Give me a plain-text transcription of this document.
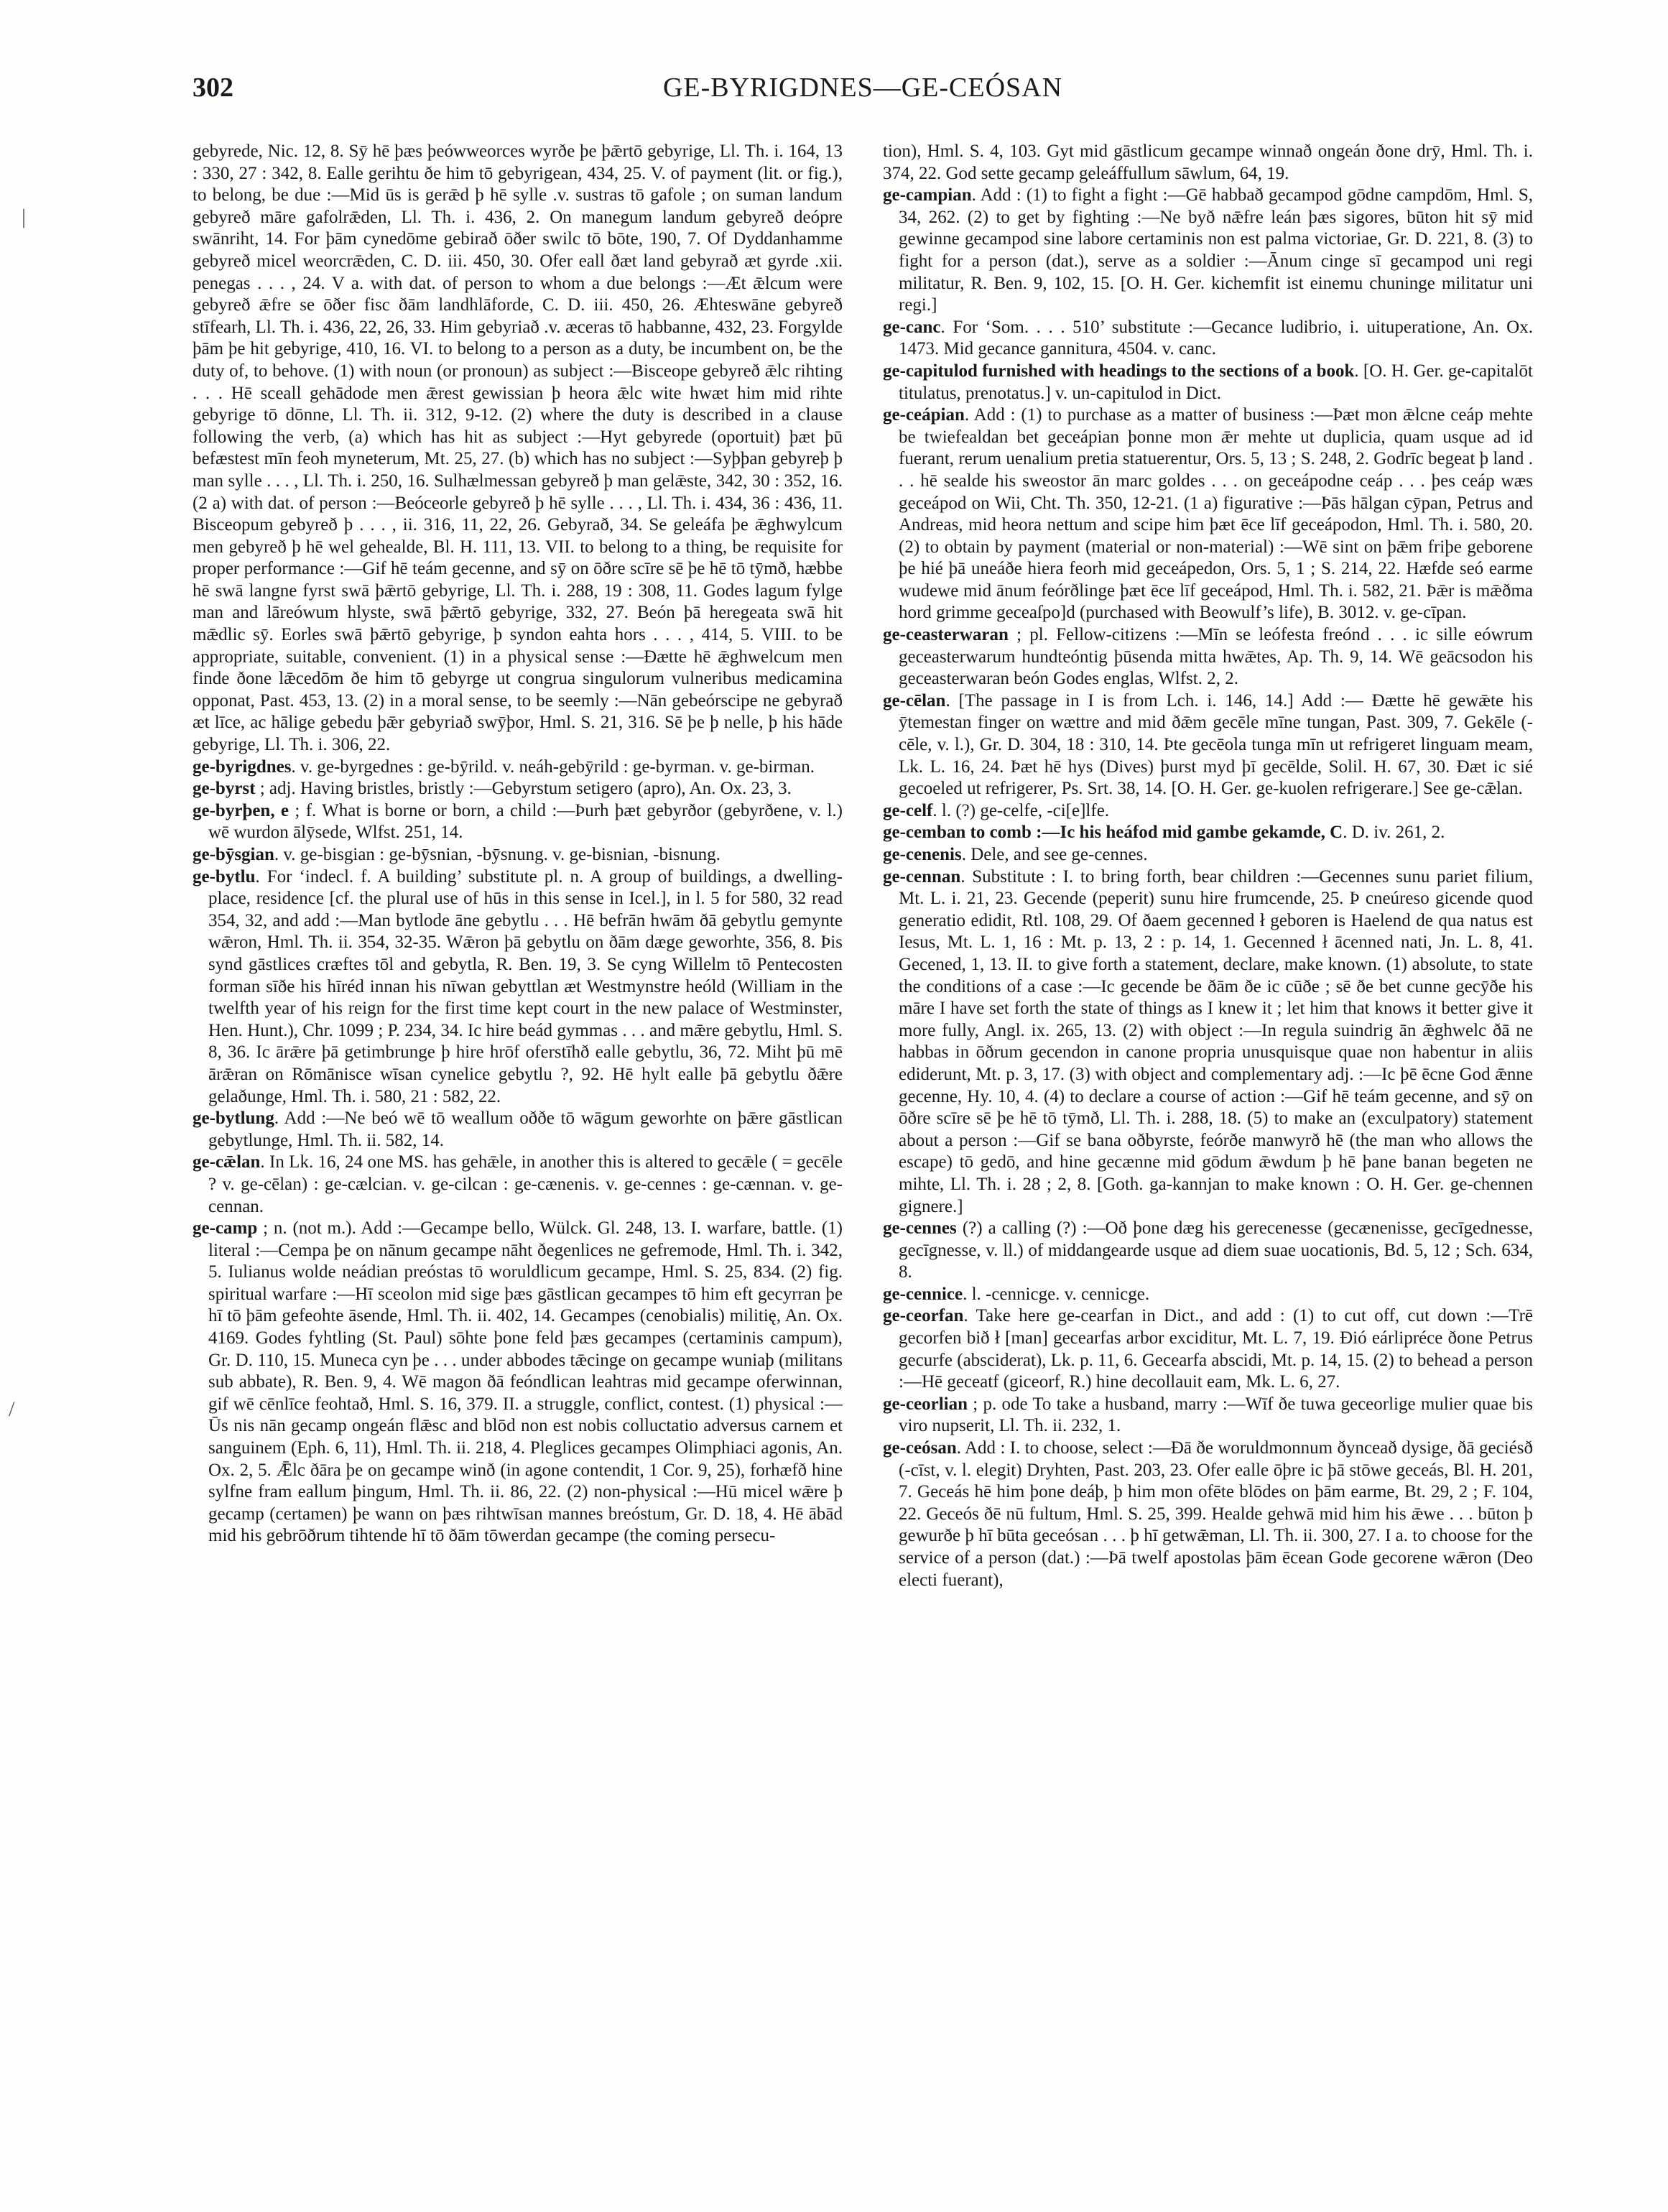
302	GE-BYRIGDNES—GE-CEÓSAN
|
/

gebyrede, Nic. 12, 8. Sȳ hē þæs þeówweorces wyrðe þe þǣrtō gebyrige, Ll. Th. i. 164, 13 : 330, 27 : 342, 8. Ealle gerihtu ðe him tō gebyrigean, 434, 25. V. of payment (lit. or fig.), to belong, be due :—Mid ūs is gerǣd þ hē sylle .v. sustras tō gafole ; on suman landum gebyreð māre gafolrǣden, Ll. Th. i. 436, 2. On manegum landum gebyreð deópre swānriht, 14. For þām cynedōme gebirað ōðer swilc tō bōte, 190, 7. Of Dyddanhamme gebyreð micel weorcrǣden, C. D. iii. 450, 30. Ofer eall ðæt land gebyrað æt gyrde .xii. penegas . . . , 24. V a. with dat. of person to whom a due belongs :—Æt ǣlcum were gebyreð ǣfre se ōðer fisc ðām landhlāforde, C. D. iii. 450, 26. Æhteswāne gebyreð stīfearh, Ll. Th. i. 436, 22, 26, 33. Him gebyriað .v. æceras tō habbanne, 432, 23. Forgylde þām þe hit gebyrige, 410, 16. VI. to belong to a person as a duty, be incumbent on, be the duty of, to behove. (1) with noun (or pronoun) as subject :—Bisceope gebyreð ǣlc rihting . . . Hē sceall gehādode men ǣrest gewissian þ heora ǣlc wite hwæt him mid rihte gebyrige tō dōnne, Ll. Th. ii. 312, 9-12. (2) where the duty is described in a clause following the verb, (a) which has hit as subject :—Hyt gebyrede (oportuit) þæt þū befæstest mīn feoh myneterum, Mt. 25, 27. (b) which has no subject :—Syþþan gebyreþ þ man sylle . . . , Ll. Th. i. 250, 16. Sulhælmessan gebyreð þ man gelǣste, 342, 30 : 352, 16. (2 a) with dat. of person :—Beóceorle gebyreð þ hē sylle . . . , Ll. Th. i. 434, 36 : 436, 11. Bisceopum gebyreð þ . . . , ii. 316, 11, 22, 26. Gebyrað, 34. Se geleáfa þe ǣghwylcum men gebyreð þ hē wel gehealde, Bl. H. 111, 13. VII. to belong to a thing, be requisite for proper performance :—Gif hē teám gecenne, and sȳ on ōðre scīre sē þe hē tō tȳmð, hæbbe hē swā langne fyrst swā þǣrtō gebyrige, Ll. Th. i. 288, 19 : 308, 11. Godes lagum fylge man and lāreówum hlyste, swā þǣrtō gebyrige, 332, 27. Beón þā heregeata swā hit mǣdlic sȳ. Eorles swā þǣrtō gebyrige, þ syndon eahta hors . . . , 414, 5. VIII. to be appropriate, suitable, convenient. (1) in a physical sense :—Ðætte hē ǣghwelcum men finde ðone lǣcedōm ðe him tō gebyrge ut congrua singulorum vulneribus medicamina opponat, Past. 453, 13. (2) in a moral sense, to be seemly :—Nān gebeórscipe ne gebyrað æt līce, ac hālige gebedu þǣr gebyriað swȳþor, Hml. S. 21, 316. Sē þe þ nelle, þ his hāde gebyrige, Ll. Th. i. 306, 22.

ge-byrigdnes. v. ge-byrgednes : ge-bȳrild. v. neáh-gebȳrild : ge-byrman. v. ge-birman.

ge-byrst ; adj. Having bristles, bristly :—Gebyrstum setigero (apro), An. Ox. 23, 3.

ge-byrþen, e ; f. What is borne or born, a child :—Þurh þæt gebyrðor (gebyrðene, v. l.) wē wurdon ālȳsede, Wlfst. 251, 14.

ge-bȳsgian. v. ge-bisgian : ge-bȳsnian, -bȳsnung. v. ge-bisnian, -bisnung.

ge-bytlu. For ‘indecl. f. A building’ substitute pl. n. A group of buildings, a dwelling-place, residence [cf. the plural use of hūs in this sense in Icel.], in l. 5 for 580, 32 read 354, 32, and add :—Man bytlode āne gebytlu . . . Hē befrān hwām ðā gebytlu gemynte wǣron, Hml. Th. ii. 354, 32-35. Wǣron þā gebytlu on ðām dæge geworhte, 356, 8. Þis synd gāstlices cræftes tōl and gebytla, R. Ben. 19, 3. Se cyng Willelm tō Pentecosten forman sīðe his hīréd innan his nīwan gebyttlan æt Westmynstre heóld (William in the twelfth year of his reign for the first time kept court in the new palace of Westminster, Hen. Hunt.), Chr. 1099 ; P. 234, 34. Ic hire beád gymmas . . . and mǣre gebytlu, Hml. S. 8, 36. Ic ārǣre þā getimbrunge þ hire hrōf oferstīhð ealle gebytlu, 36, 72. Miht þū mē ārǣran on Rōmānisce wīsan cynelice gebytlu ?, 92. Hē hylt ealle þā gebytlu ðǣre gelaðunge, Hml. Th. i. 580, 21 : 582, 22.

ge-bytlung. Add :—Ne beó wē tō weallum oððe tō wāgum geworhte on þǣre gāstlican gebytlunge, Hml. Th. ii. 582, 14.

ge-cǣlan. In Lk. 16, 24 one MS. has gehǣle, in another this is altered to gecǣle ( = gecēle ? v. ge-cēlan) : ge-cælcian. v. ge-cilcan : ge-cænenis. v. ge-cennes : ge-cænnan. v. ge-cennan.

ge-camp ; n. (not m.). Add :—Gecampe bello, Wülck. Gl. 248, 13. I. warfare, battle. (1) literal :—Cempa þe on nānum gecampe nāht ðegenlices ne gefremode, Hml. Th. i. 342, 5. Iulianus wolde neádian preóstas tō woruldlicum gecampe, Hml. S. 25, 834. (2) fig. spiritual warfare :—Hī sceolon mid sige þæs gāstlican gecampes tō him eft gecyrran þe hī tō þām gefeohte āsende, Hml. Th. ii. 402, 14. Gecampes (cenobialis) militię, An. Ox. 4169. Godes fyhtling (St. Paul) sōhte þone feld þæs gecampes (certaminis campum), Gr. D. 110, 15. Muneca cyn þe . . . under abbodes tǣcinge on gecampe wuniaþ (militans sub abbate), R. Ben. 9, 4. Wē magon ðā feóndlican leahtras mid gecampe oferwinnan, gif wē cēnlīce feohtað, Hml. S. 16, 379. II. a struggle, conflict, contest. (1) physical :—Ūs nis nān gecamp ongeán flǣsc and blōd non est nobis colluctatio adversus carnem et sanguinem (Eph. 6, 11), Hml. Th. ii. 218, 4. Pleglices gecampes Olimphiaci agonis, An. Ox. 2, 5. Ǣlc ðāra þe on gecampe winð (in agone contendit, 1 Cor. 9, 25), forhæfð hine sylfne fram eallum þingum, Hml. Th. ii. 86, 22. (2) non-physical :—Hū micel wǣre þ gecamp (certamen) þe wann on þæs rihtwīsan mannes breóstum, Gr. D. 18, 4. Hē ābād mid his gebrōðrum tihtende hī tō ðām tōwerdan gecampe (the coming persecu-

tion), Hml. S. 4, 103. Gyt mid gāstlicum gecampe winnað ongeán ðone drȳ, Hml. Th. i. 374, 22. God sette gecamp geleáffullum sāwlum, 64, 19.

ge-campian. Add : (1) to fight a fight :—Gē habbað gecampod gōdne campdōm, Hml. S, 34, 262. (2) to get by fighting :—Ne byð nǣfre leán þæs sigores, būton hit sȳ mid gewinne gecampod sine labore certaminis non est palma victoriae, Gr. D. 221, 8. (3) to fight for a person (dat.), serve as a soldier :—Ānum cinge sī gecampod uni regi militatur, R. Ben. 9, 102, 15. [O. H. Ger. kichemfit ist einemu chuninge militatur uni regi.]

ge-canc. For ‘Som. . . . 510’ substitute :—Gecance ludibrio, i. uituperatione, An. Ox. 1473. Mid gecance gannitura, 4504. v. canc.

ge-capitulod furnished with headings to the sections of a book. [O. H. Ger. ge-capitalōt titulatus, prenotatus.] v. un-capitulod in Dict.

ge-ceápian. Add : (1) to purchase as a matter of business :—Þæt mon ǣlcne ceáp mehte be twiefealdan bet geceápian þonne mon ǣr mehte ut duplicia, quam usque ad id fuerant, rerum uenalium pretia statuerentur, Ors. 5, 13 ; S. 248, 2. Godrīc begeat þ land . . . hē sealde his sweostor ān marc goldes . . . on geceápodne ceáp . . . þes ceáp wæs geceápod on Wii, Cht. Th. 350, 12-21. (1 a) figurative :—Þās hālgan cȳpan, Petrus and Andreas, mid heora nettum and scipe him þæt ēce līf geceápodon, Hml. Th. i. 580, 20. (2) to obtain by payment (material or non-material) :—Wē sint on þǣm friþe geborene þe hié þā uneáðe hiera feorh mid geceápedon, Ors. 5, 1 ; S. 214, 22. Hæfde seó earme wudewe mid ānum feórðlinge þæt ēce līf geceápod, Hml. Th. i. 582, 21. Þǣr is mǣðma hord grimme geceaſpo]d (purchased with Beowulf’s life), B. 3012. v. ge-cīpan.

ge-ceasterwaran ; pl. Fellow-citizens :—Mīn se leófesta freónd . . . ic sille eówrum geceasterwarum hundteóntig þūsenda mitta hwǣtes, Ap. Th. 9, 14. Wē geācsodon his geceasterwaran beón Godes englas, Wlfst. 2, 2.

ge-cēlan. [The passage in I is from Lch. i. 146, 14.] Add :— Ðætte hē gewǣte his ȳtemestan finger on wættre and mid ðǣm gecēle mīne tungan, Past. 309, 7. Gekēle (-cēle, v. l.), Gr. D. 304, 18 : 310, 14. Þte gecēola tunga mīn ut refrigeret linguam meam, Lk. L. 16, 24. Þæt hē hys (Dives) þurst myd þī gecēlde, Solil. H. 67, 30. Ðæt ic sié gecoeled ut refrigerer, Ps. Srt. 38, 14. [O. H. Ger. ge-kuolen refrigerare.] See ge-cǣlan.

ge-celf. l. (?) ge-celfe, -ci[e]lfe.

ge-cemban to comb :—Ic his heáfod mid gambe gekamde, C. D. iv. 261, 2.

ge-cenenis. Dele, and see ge-cennes.

ge-cennan. Substitute : I. to bring forth, bear children :—Gecennes sunu pariet filium, Mt. L. i. 21, 23. Gecende (peperit) sunu hire frumcende, 25. Þ cneúreso gicende quod generatio edidit, Rtl. 108, 29. Of ðaem gecenned ł geboren is Haelend de qua natus est Iesus, Mt. L. 1, 16 : Mt. p. 13, 2 : p. 14, 1. Gecenned ł ācenned nati, Jn. L. 8, 41. Gecened, 1, 13. II. to give forth a statement, declare, make known. (1) absolute, to state the conditions of a case :—Ic gecende be ðām ðe ic cūðe ; sē ðe bet cunne gecȳðe his māre I have set forth the state of things as I knew it ; let him that knows it better give it more fully, Angl. ix. 265, 13. (2) with object :—In regula suindrig ān ǣghwelc ðā ne habbas in ōðrum gecendon in canone propria unusquisque quae non habentur in aliis ediderunt, Mt. p. 3, 17. (3) with object and complementary adj. :—Ic þē ēcne God ǣnne gecenne, Hy. 10, 4. (4) to declare a course of action :—Gif hē teám gecenne, and sȳ on ōðre scīre sē þe hē tō tȳmð, Ll. Th. i. 288, 18. (5) to make an (exculpatory) statement about a person :—Gif se bana oðbyrste, feórðe manwyrð hē (the man who allows the escape) tō gedō, and hine gecænne mid gōdum ǣwdum þ hē þane banan begeten ne mihte, Ll. Th. i. 28 ; 2, 8. [Goth. ga-kannjan to make known : O. H. Ger. ge-chennen gignere.]

ge-cennes (?) a calling (?) :—Oð þone dæg his gerecenesse (gecænenisse, gecīgednesse, gecīgnesse, v. ll.) of middangearde usque ad diem suae uocationis, Bd. 5, 12 ; Sch. 634, 8.

ge-cennice. l. -cennicge. v. cennicge.

ge-ceorfan. Take here ge-cearfan in Dict., and add : (1) to cut off, cut down :—Trē gecorfen bið ł [man] gecearfas arbor exciditur, Mt. L. 7, 19. Ðió eárlipréce ðone Petrus gecurfe (absciderat), Lk. p. 11, 6. Gecearfa abscidi, Mt. p. 14, 15. (2) to behead a person :—Hē geceatf (giceorf, R.) hine decollauit eam, Mk. L. 6, 27.

ge-ceorlian ; p. ode To take a husband, marry :—Wīf ðe tuwa geceorlige mulier quae bis viro nupserit, Ll. Th. ii. 232, 1.

ge-ceósan. Add : I. to choose, select :—Ðā ðe woruldmonnum ðynceað dysige, ðā geciésð (-cīst, v. l. elegit) Dryhten, Past. 203, 23. Ofer ealle ōþre ic þā stōwe geceás, Bl. H. 201, 7. Geceás hē him þone deáþ, þ him mon ofēte blōdes on þām earme, Bt. 29, 2 ; F. 104, 22. Geceós ðē nū fultum, Hml. S. 25, 399. Healde gehwā mid him his ǣwe . . . būton þ gewurðe þ hī būta geceósan . . . þ hī getwǣman, Ll. Th. ii. 300, 27. I a. to choose for the service of a person (dat.) :—Þā twelf apostolas þām ēcean Gode gecorene wǣron (Deo electi fuerant),
